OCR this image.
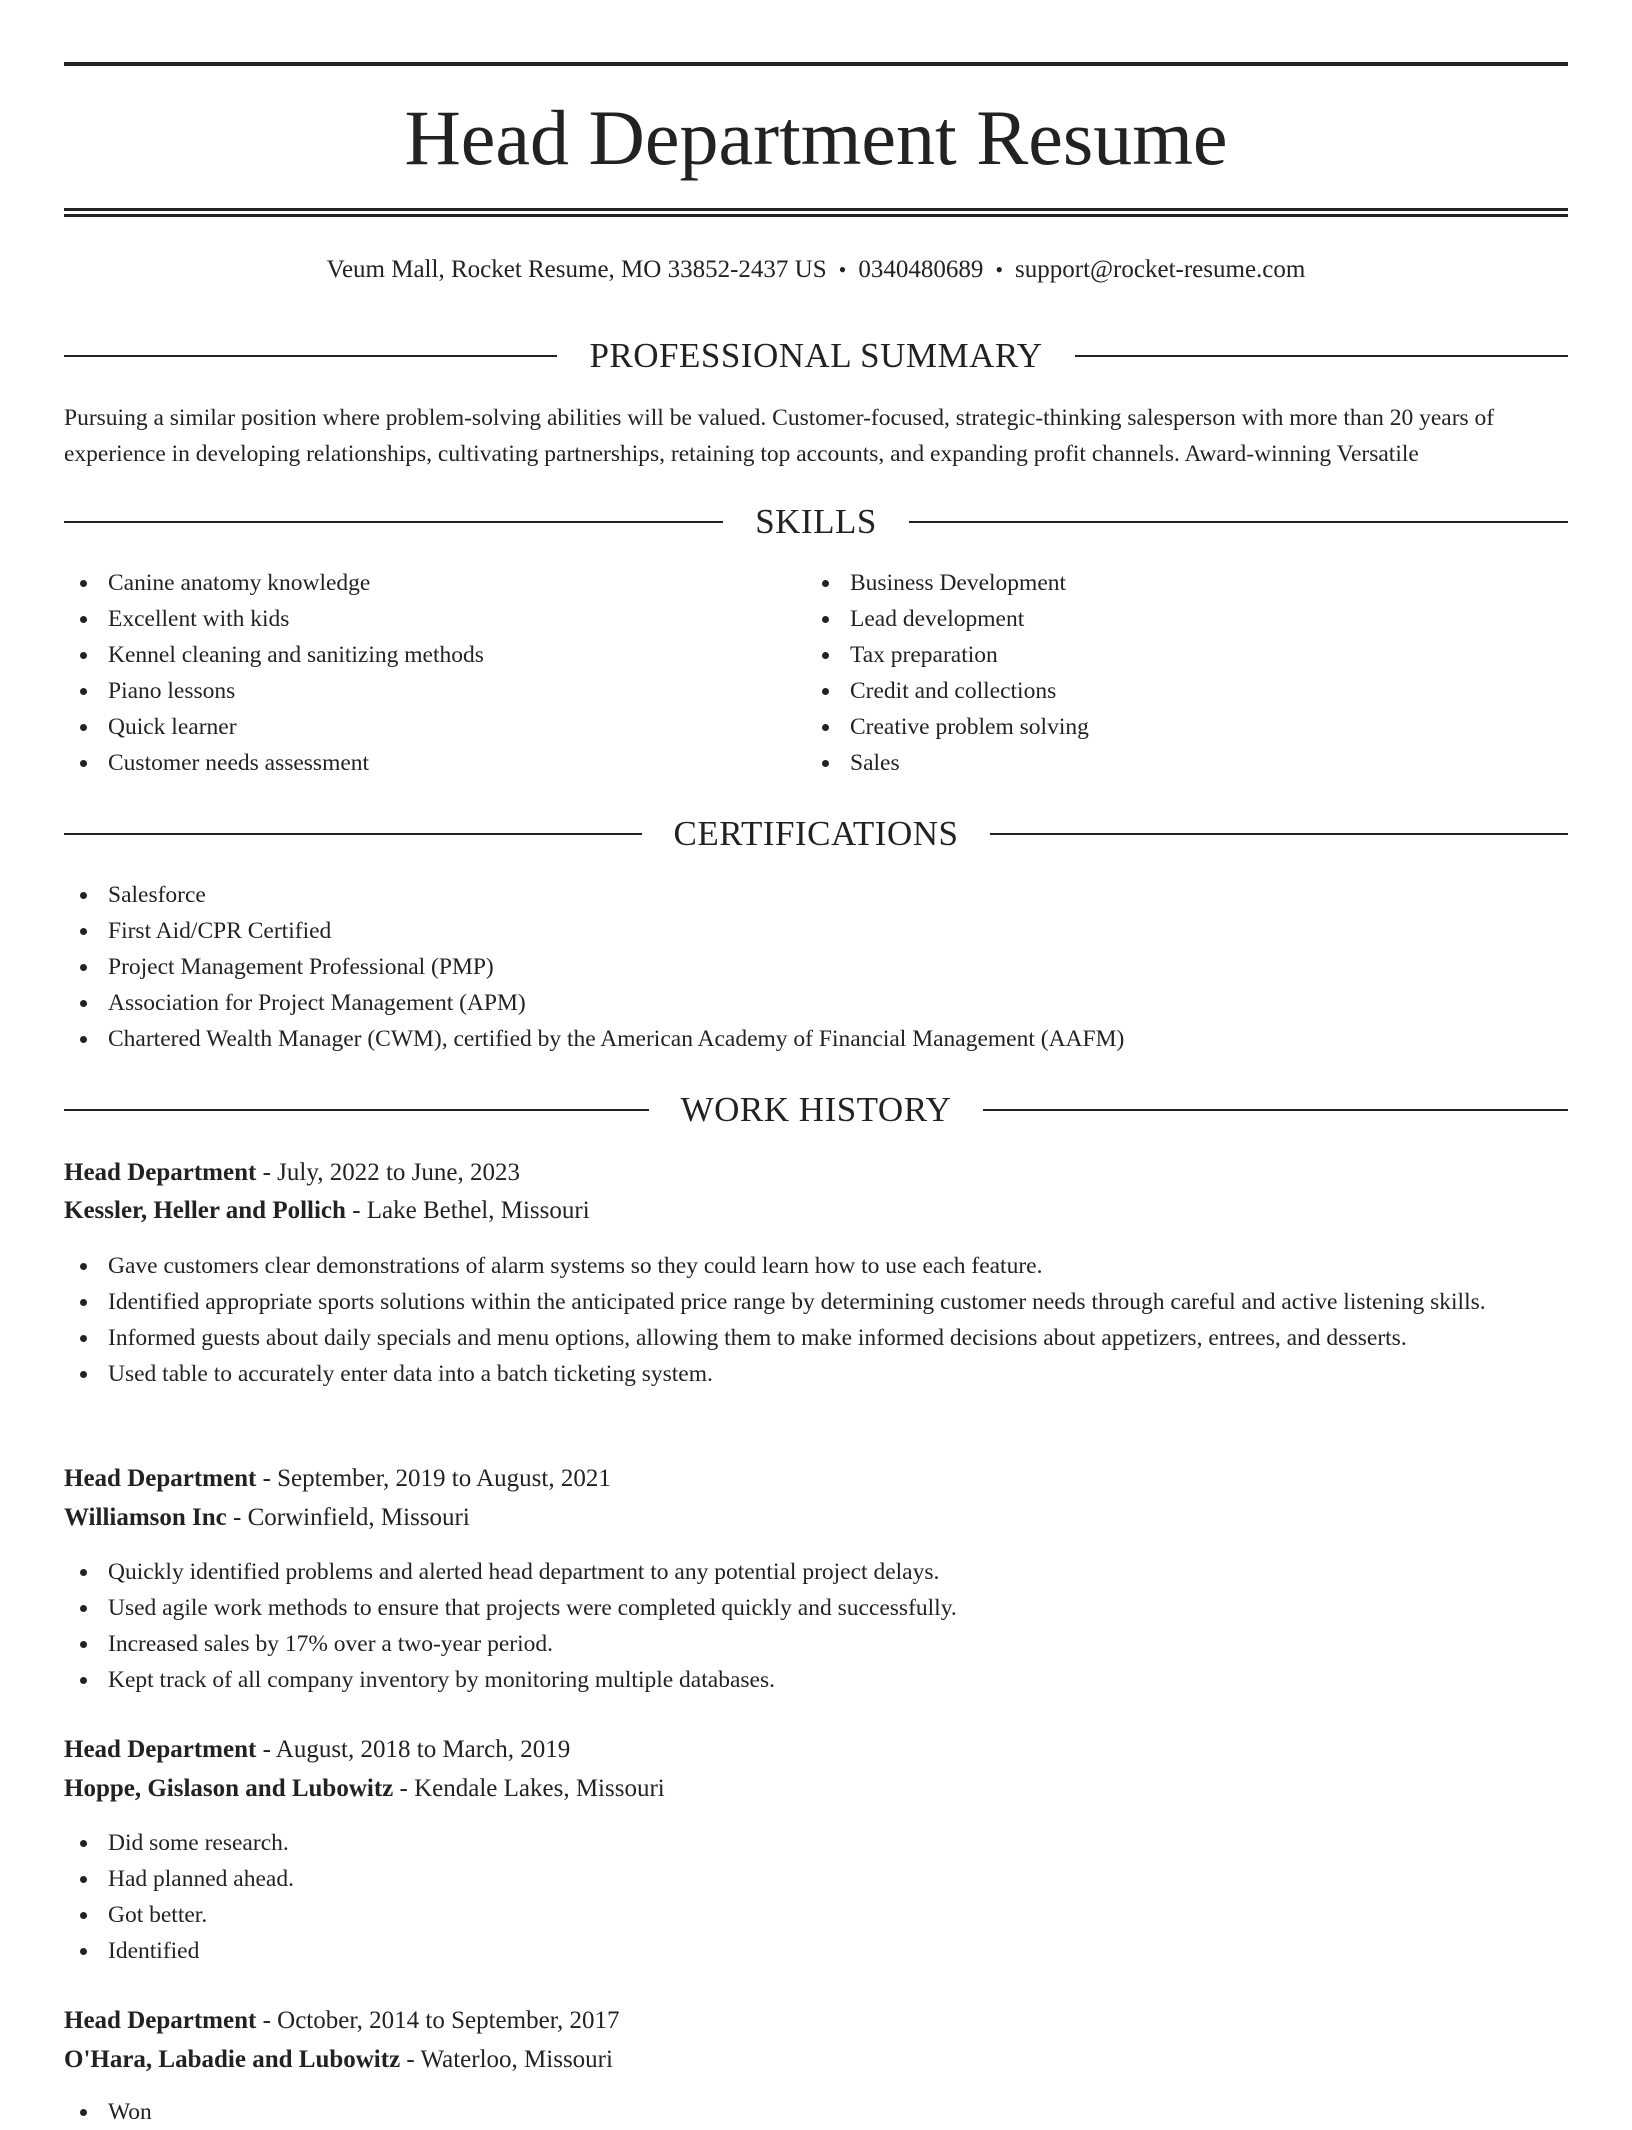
Head Department Resume
Veum Mall, Rocket Resume, MO 33852-2437 US • 0340480689 • support@rocket-resume.com
PROFESSIONAL SUMMARY

Pursuing a similar position where problem-solving abilities will be valued. Customer-focused, strategic-thinking salesperson with more than 20 years of experience in developing relationships, cultivating partnerships, retaining top accounts, and expanding profit channels. Award-winning Versatile

SKILLS
Canine anatomy knowledge
Excellent with kids
Kennel cleaning and sanitizing methods
Piano lessons
Quick learner
Customer needs assessment
Business Development
Lead development
Tax preparation
Credit and collections
Creative problem solving
Sales
CERTIFICATIONS
Salesforce
First Aid/CPR Certified
Project Management Professional (PMP)
Association for Project Management (APM)
Chartered Wealth Manager (CWM), certified by the American Academy of Financial Management (AAFM)
WORK HISTORY
Head Department - July, 2022 to June, 2023
Kessler, Heller and Pollich - Lake Bethel, Missouri
Gave customers clear demonstrations of alarm systems so they could learn how to use each feature.
Identified appropriate sports solutions within the anticipated price range by determining customer needs through careful and active listening skills.
Informed guests about daily specials and menu options, allowing them to make informed decisions about appetizers, entrees, and desserts.
Used table to accurately enter data into a batch ticketing system.
Head Department - September, 2019 to August, 2021
Williamson Inc - Corwinfield, Missouri
Quickly identified problems and alerted head department to any potential project delays.
Used agile work methods to ensure that projects were completed quickly and successfully.
Increased sales by 17% over a two-year period.
Kept track of all company inventory by monitoring multiple databases.
Head Department - August, 2018 to March, 2019
Hoppe, Gislason and Lubowitz - Kendale Lakes, Missouri
Did some research.
Had planned ahead.
Got better.
Identified
Head Department - October, 2014 to September, 2017
O'Hara, Labadie and Lubowitz - Waterloo, Missouri
Won
